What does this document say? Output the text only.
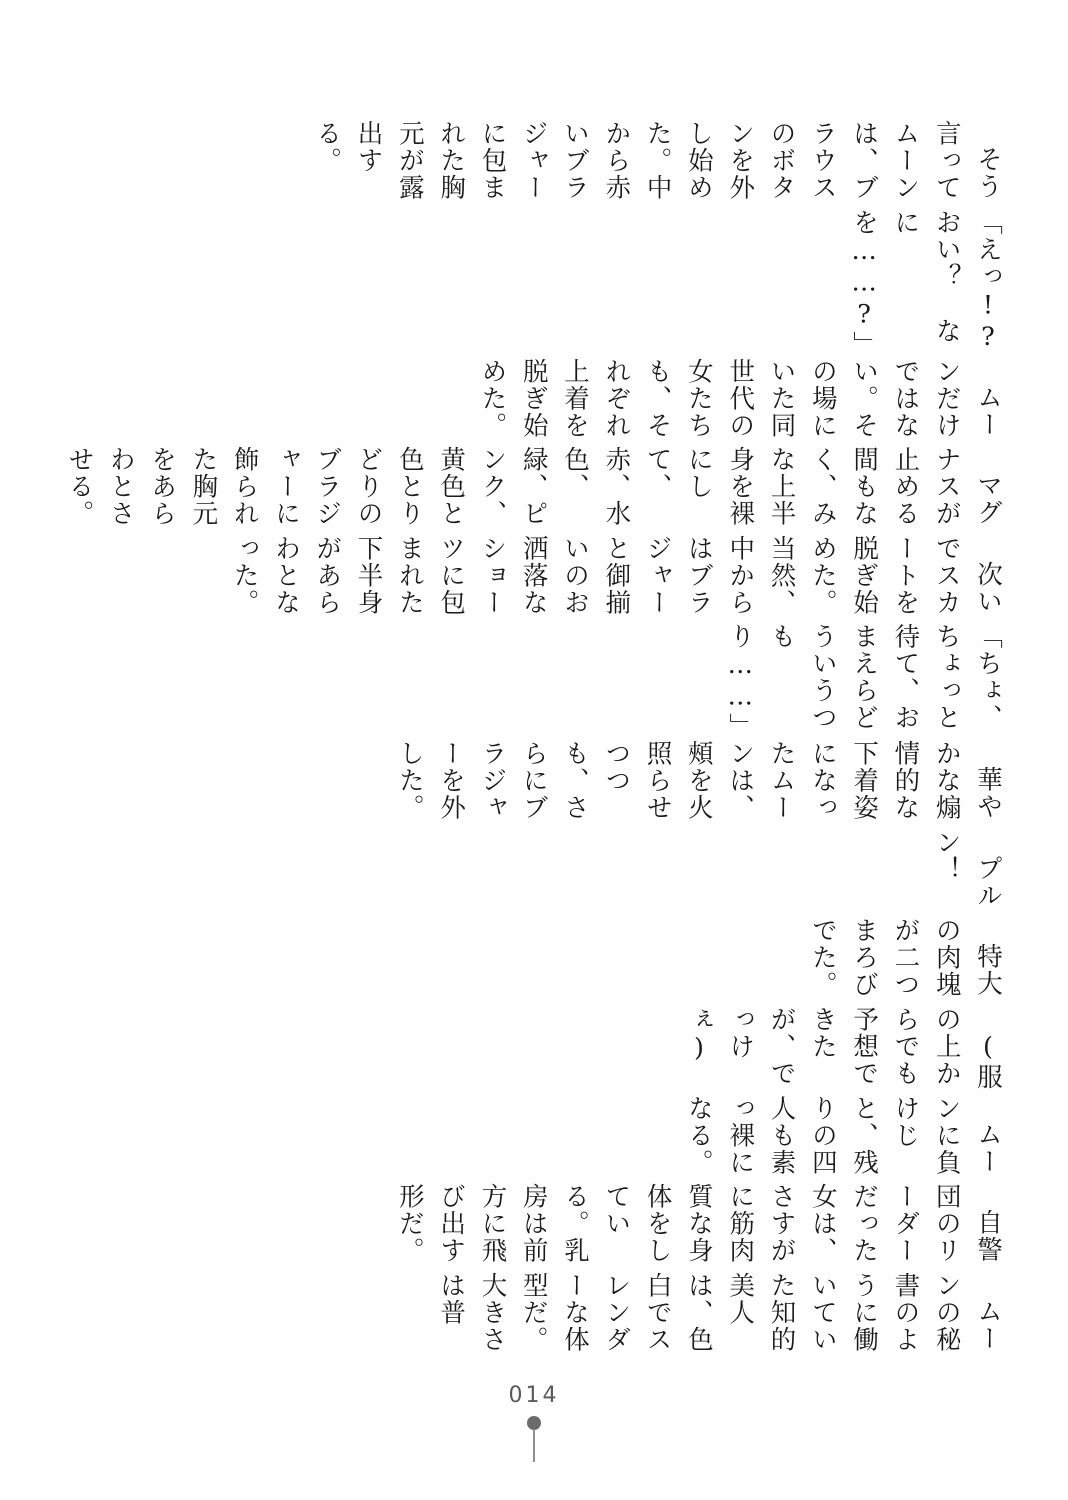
そう言ってムーンは、ブラウスのボタンを外し始めた。中から赤いブラジャーに包まれた胸元が露出する。

「えっ!?　おい？　なにを……?」

ムーンだけではない。その場にいた同世代の女たちも、それぞれ上着を脱ぎ始めた。

マグナスが止める間もなく、みな上半身を裸にして、赤、水色、緑、ピンク、黄色と色とりどりのブラジャーに飾られた胸元をあらわとさせる。

次いでスカートを脱ぎ始めた。当然、中からはブラジャーと御揃いのお洒落なショーツに包まれた下半身があらわとなった。

「ちょ、ちょっと待て、おまえらどういうつもり……」

華やかな煽情的な下着姿になったムーンは、頰を火照らせつつも、さらにブラジャーを外した。

プルン！

特大の肉塊が二つまろびでた。

(服の上からでも予想できたが、でっけぇ)

ムーンに負けじと、残りの四人も素っ裸になる。

自警団のリーダーだった女は、さすがに筋肉質な身体をしている。乳房は前方に飛び出す形だ。

ムーンの秘書のように働いていた知的美人は、色白でスレンダーな体型だ。大きさは普

014
